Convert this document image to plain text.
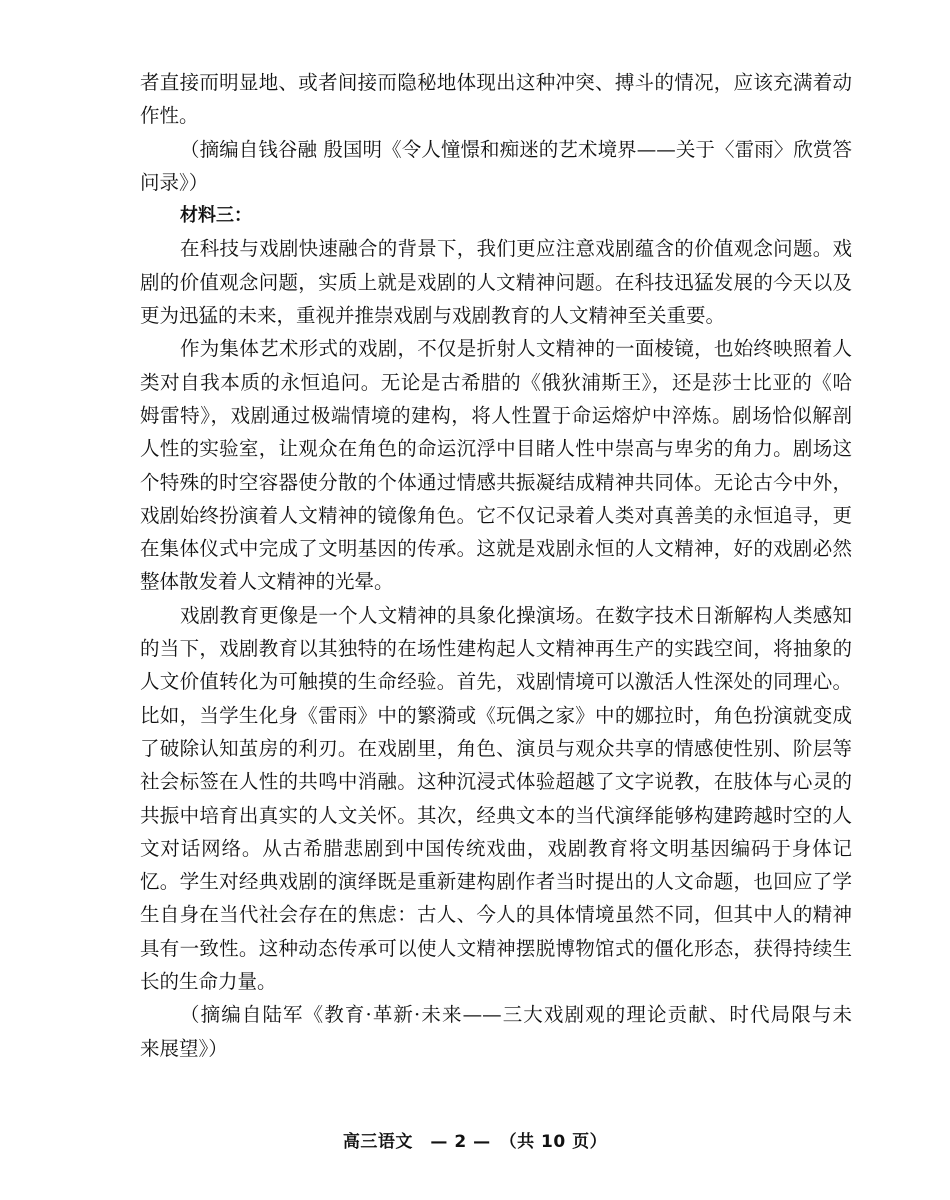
者直接而明显地、或者间接而隐秘地体现出这种冲突、搏斗的情况，应该充满着动
作性。
（摘编自钱谷融 殷国明《令人憧憬和痴迷的艺术境界——关于〈雷雨〉欣赏答
问录》）
材料三：
在科技与戏剧快速融合的背景下，我们更应注意戏剧蕴含的价值观念问题。戏
剧的价值观念问题，实质上就是戏剧的人文精神问题。在科技迅猛发展的今天以及
更为迅猛的未来，重视并推崇戏剧与戏剧教育的人文精神至关重要。
作为集体艺术形式的戏剧，不仅是折射人文精神的一面棱镜，也始终映照着人
类对自我本质的永恒追问。无论是古希腊的《俄狄浦斯王》，还是莎士比亚的《哈
姆雷特》，戏剧通过极端情境的建构，将人性置于命运熔炉中淬炼。剧场恰似解剖
人性的实验室，让观众在角色的命运沉浮中目睹人性中崇高与卑劣的角力。剧场这
个特殊的时空容器使分散的个体通过情感共振凝结成精神共同体。无论古今中外，
戏剧始终扮演着人文精神的镜像角色。它不仅记录着人类对真善美的永恒追寻，更
在集体仪式中完成了文明基因的传承。这就是戏剧永恒的人文精神，好的戏剧必然
整体散发着人文精神的光晕。
戏剧教育更像是一个人文精神的具象化操演场。在数字技术日渐解构人类感知
的当下，戏剧教育以其独特的在场性建构起人文精神再生产的实践空间，将抽象的
人文价值转化为可触摸的生命经验。首先，戏剧情境可以激活人性深处的同理心。
比如，当学生化身《雷雨》中的繁漪或《玩偶之家》中的娜拉时，角色扮演就变成
了破除认知茧房的利刃。在戏剧里，角色、演员与观众共享的情感使性别、阶层等
社会标签在人性的共鸣中消融。这种沉浸式体验超越了文字说教，在肢体与心灵的
共振中培育出真实的人文关怀。其次，经典文本的当代演绎能够构建跨越时空的人
文对话网络。从古希腊悲剧到中国传统戏曲，戏剧教育将文明基因编码于身体记
忆。学生对经典戏剧的演绎既是重新建构剧作者当时提出的人文命题，也回应了学
生自身在当代社会存在的焦虑：古人、今人的具体情境虽然不同，但其中人的精神
具有一致性。这种动态传承可以使人文精神摆脱博物馆式的僵化形态，获得持续生
长的生命力量。
（摘编自陆军《教育·革新·未来——三大戏剧观的理论贡献、时代局限与未
来展望》）
高三语文　— 2 —　（共 10 页）
